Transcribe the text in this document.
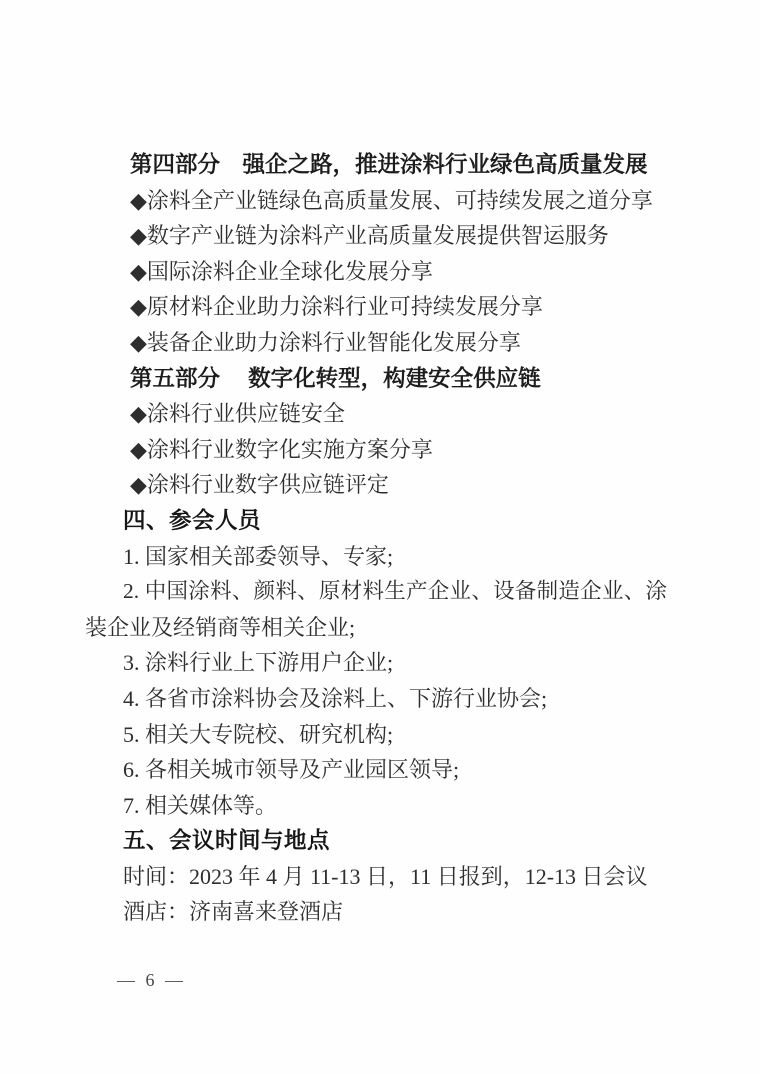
第四部分　强企之路，推进涂料行业绿色高质量发展
◆涂料全产业链绿色高质量发展、可持续发展之道分享
◆数字产业链为涂料产业高质量发展提供智运服务
◆国际涂料企业全球化发展分享
◆原材料企业助力涂料行业可持续发展分享
◆装备企业助力涂料行业智能化发展分享
第五部分　 数字化转型，构建安全供应链
◆涂料行业供应链安全
◆涂料行业数字化实施方案分享
◆涂料行业数字供应链评定
四、参会人员
1. 国家相关部委领导、专家;
2. 中国涂料、颜料、原材料生产企业、设备制造企业、涂
装企业及经销商等相关企业;
3. 涂料行业上下游用户企业;
4. 各省市涂料协会及涂料上、下游行业协会;
5. 相关大专院校、研究机构;
6. 各相关城市领导及产业园区领导;
7. 相关媒体等。
五、会议时间与地点
时间：2023 年 4 月 11-13 日，11 日报到，12-13 日会议
酒店：济南喜来登酒店
— 6 —
